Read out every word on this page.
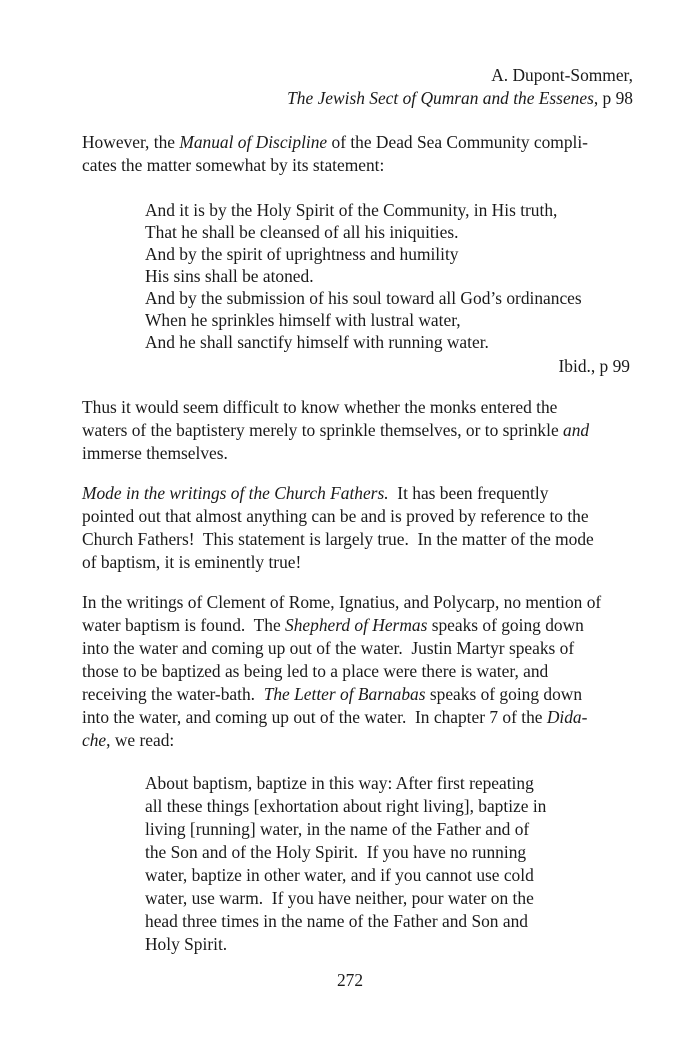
A. Dupont-Sommer,
The Jewish Sect of Qumran and the Essenes, p 98
However, the Manual of Discipline of the Dead Sea Community compli-
cates the matter somewhat by its statement:
And it is by the Holy Spirit of the Community, in His truth,
That he shall be cleansed of all his iniquities.
And by the spirit of uprightness and humility
His sins shall be atoned.
And by the submission of his soul toward all God’s ordinances
When he sprinkles himself with lustral water,
And he shall sanctify himself with running water.
Ibid., p 99
Thus it would seem difficult to know whether the monks entered the
waters of the baptistery merely to sprinkle themselves, or to sprinkle and
immerse themselves.
Mode in the writings of the Church Fathers.  It has been frequently
pointed out that almost anything can be and is proved by reference to the
Church Fathers!  This statement is largely true.  In the matter of the mode
of baptism, it is eminently true!
In the writings of Clement of Rome, Ignatius, and Polycarp, no mention of
water baptism is found.  The Shepherd of Hermas speaks of going down
into the water and coming up out of the water.  Justin Martyr speaks of
those to be baptized as being led to a place were there is water, and
receiving the water-bath.  The Letter of Barnabas speaks of going down
into the water, and coming up out of the water.  In chapter 7 of the Dida-
che, we read:
About baptism, baptize in this way: After first repeating
all these things [exhortation about right living], baptize in
living [running] water, in the name of the Father and of
the Son and of the Holy Spirit.  If you have no running
water, baptize in other water, and if you cannot use cold
water, use warm.  If you have neither, pour water on the
head three times in the name of the Father and Son and
Holy Spirit.
272
